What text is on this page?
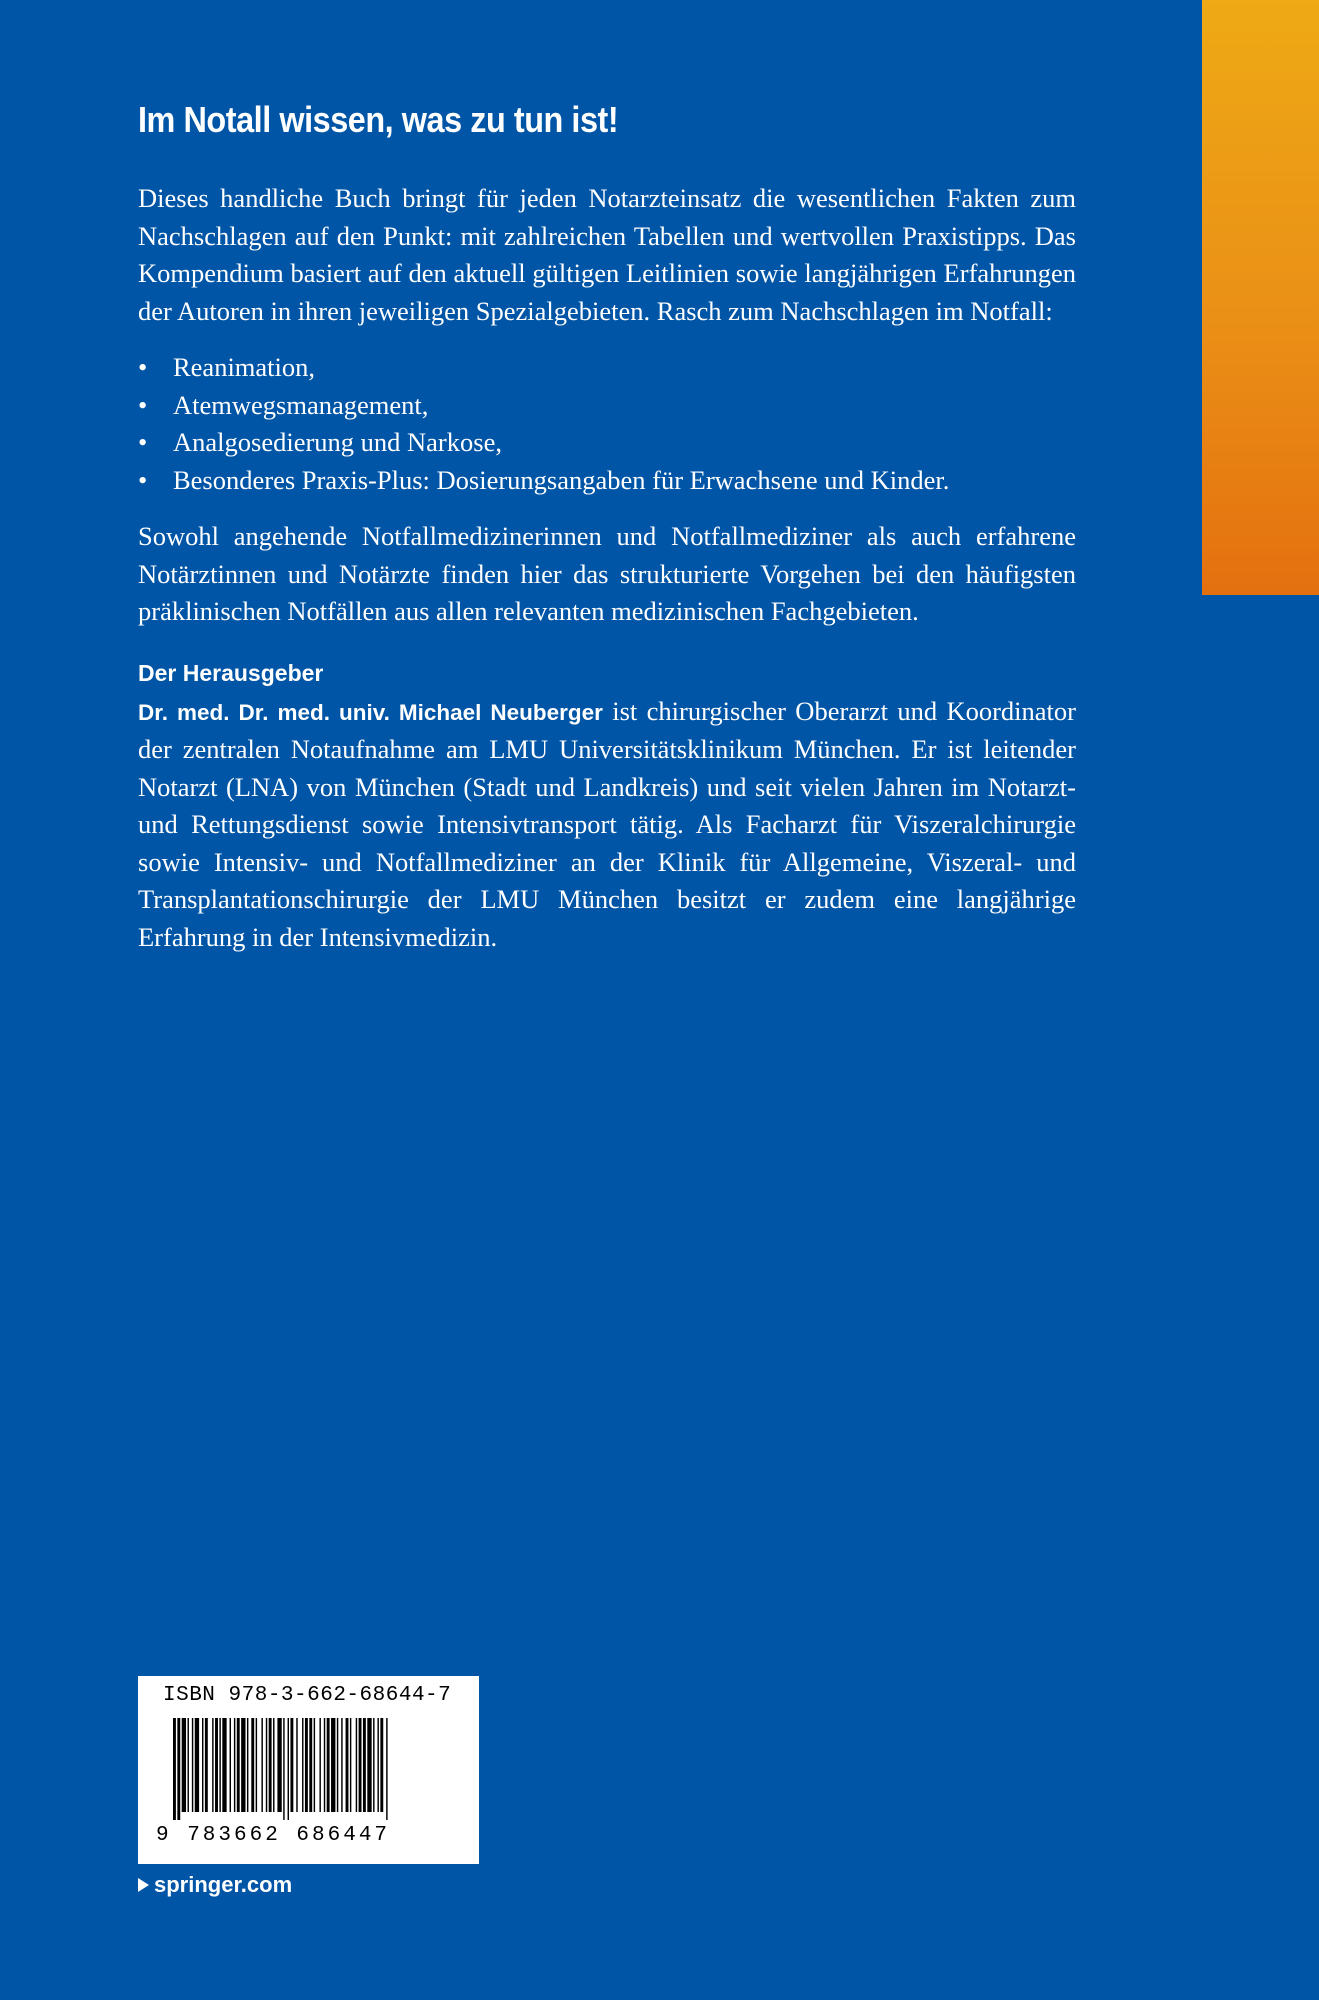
Im Notall wissen, was zu tun ist!

Dieses handliche Buch bringt für jeden Notarzteinsatz die wesentlichen Fakten zum Nachschlagen auf den Punkt: mit zahlreichen Tabellen und wertvollen Praxistipps. Das Kompendium basiert auf den aktuell gültigen Leitlinien sowie langjährigen Erfahrungen der Autoren in ihren jeweiligen Spezialgebieten. Rasch zum Nachschlagen im Notfall:

• Reanimation,
• Atemwegsmanagement,
• Analgosedierung und Narkose,
• Besonderes Praxis-Plus: Dosierungsangaben für Erwachsene und Kinder.

Sowohl angehende Notfallmedizinerinnen und Notfallmediziner als auch erfahrene Notärztinnen und Notärzte finden hier das strukturierte Vorgehen bei den häufigsten präklinischen Notfällen aus allen relevanten medizinischen Fachgebieten.

Der Herausgeber

Dr. med. Dr. med. univ. Michael Neuberger ist chirurgischer Oberarzt und Koordinator der zentralen Notaufnahme am LMU Universitätsklinikum München. Er ist leitender Notarzt (LNA) von München (Stadt und Landkreis) und seit vielen Jahren im Notarzt- und Rettungsdienst sowie Intensivtransport tätig. Als Facharzt für Viszeralchirurgie sowie Intensiv- und Notfallmediziner an der Klinik für Allgemeine, Viszeral- und Transplantationschirurgie der LMU München besitzt er zudem eine langjährige Erfahrung in der Intensivmedizin.

ISBN 978-3-662-68644-7
9 783662 686447
springer.com
